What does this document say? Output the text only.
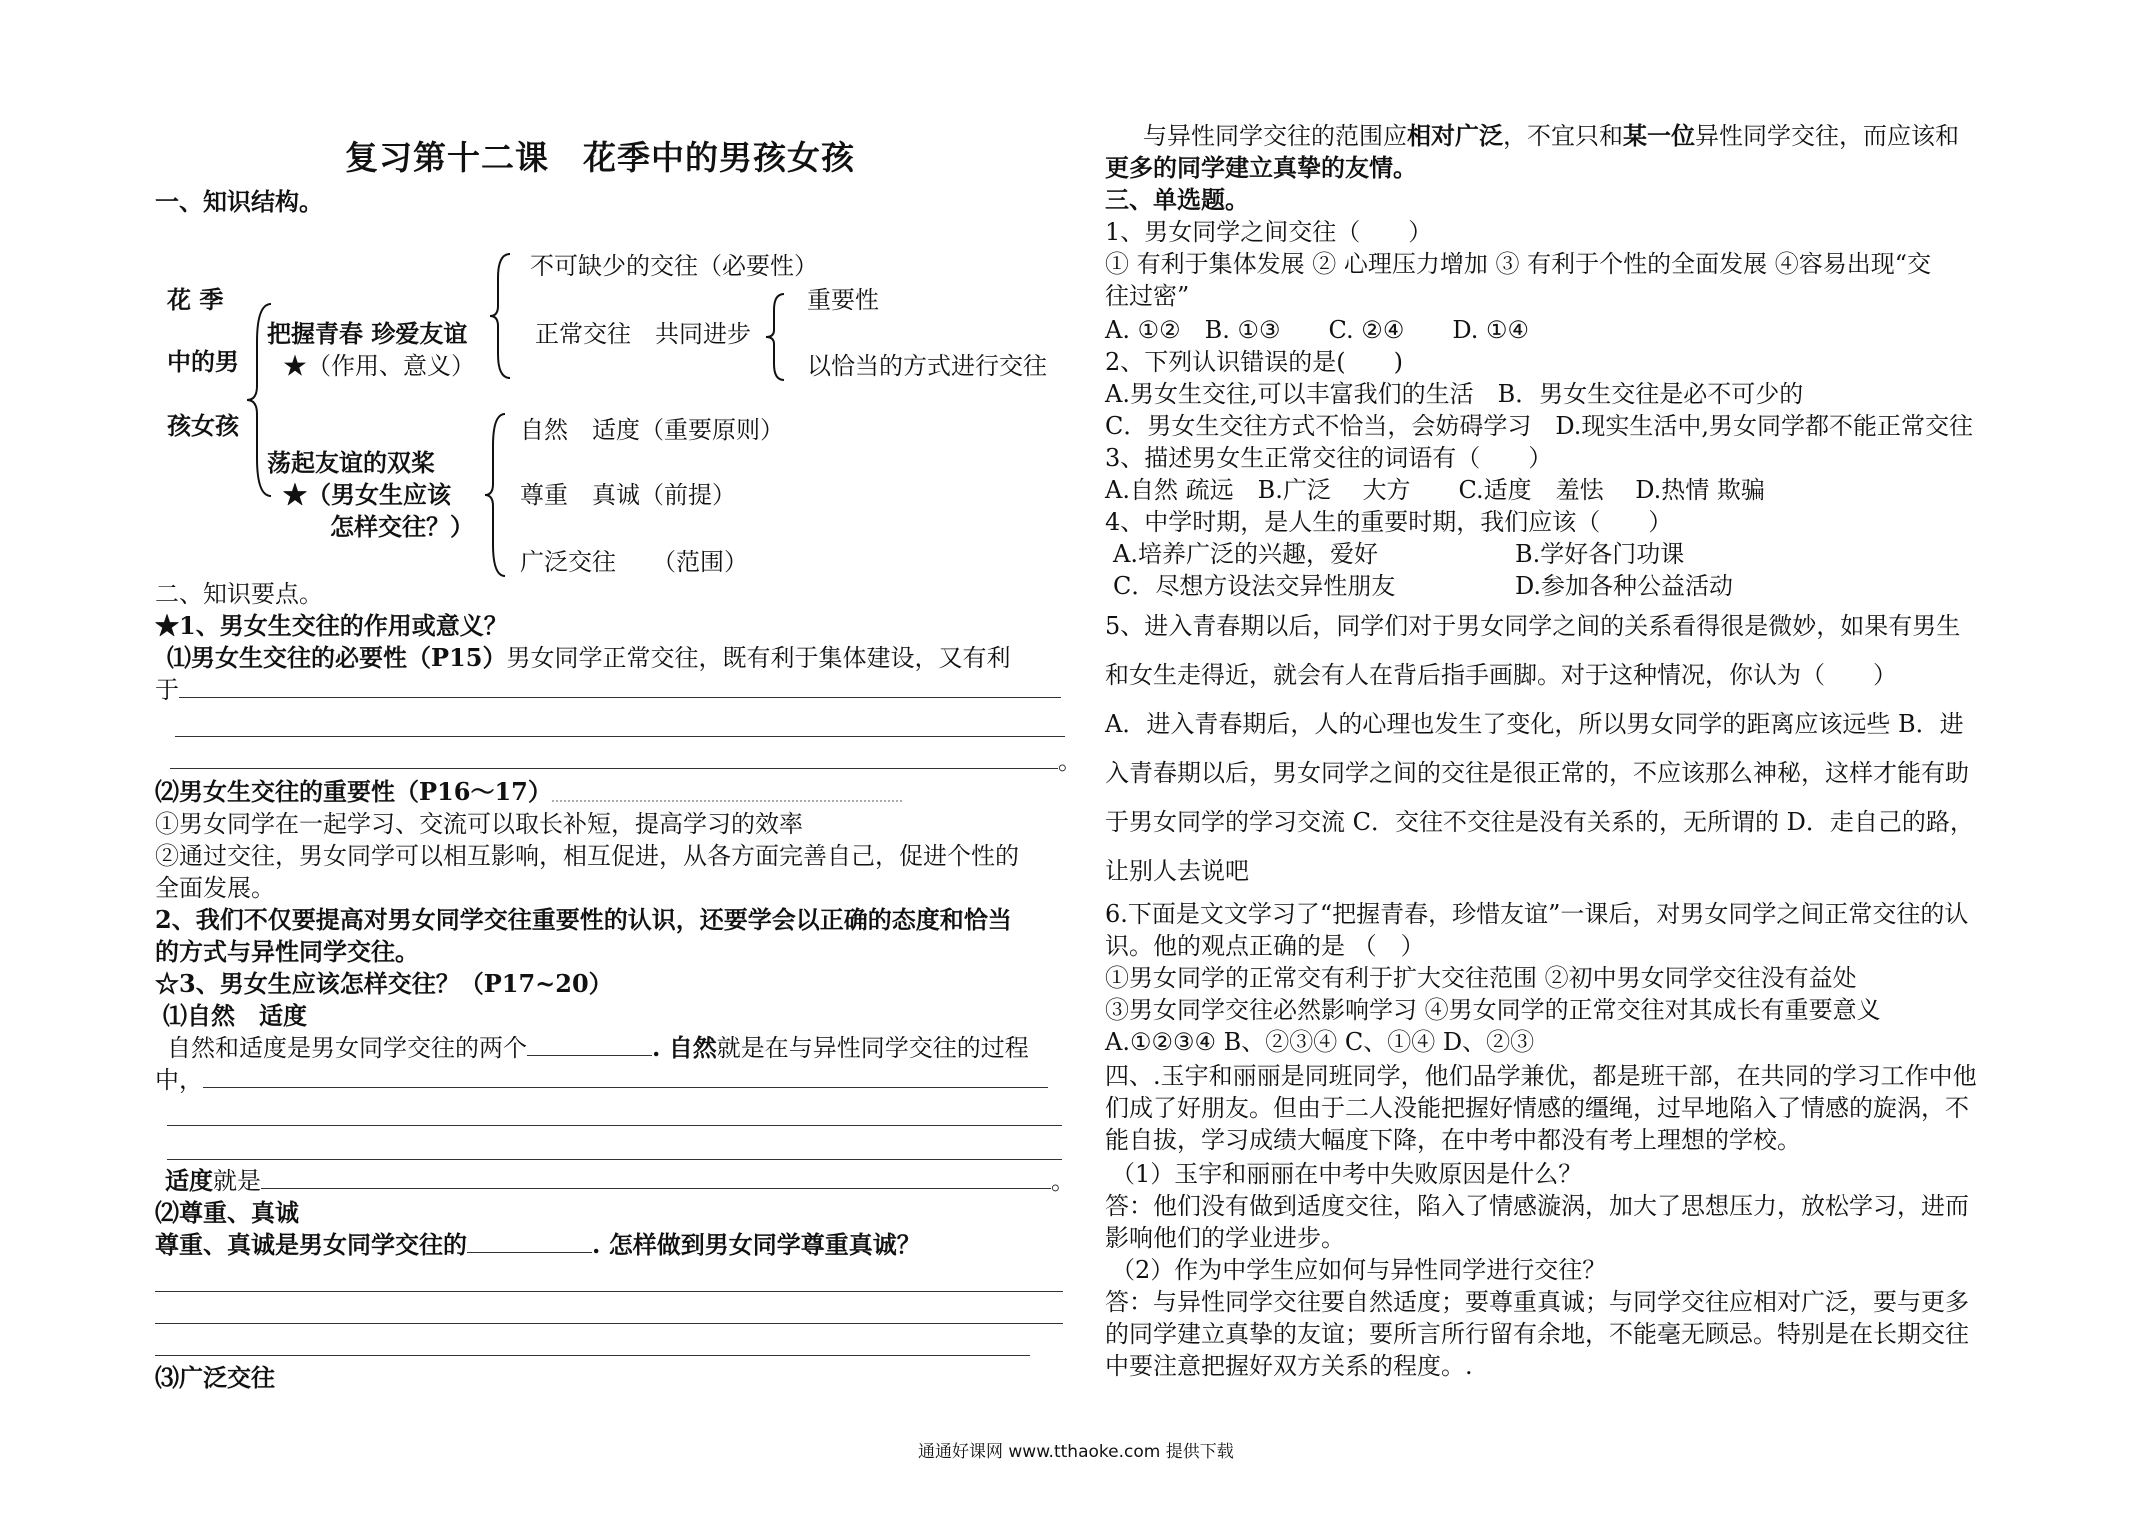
复习第十二课　花季中的男孩女孩
一、知识结构。
花 季
中的男
孩女孩
把握青春 珍爱友谊
★（作用、意义）
不可缺少的交往（必要性）
正常交往　共同进步
重要性
以恰当的方式进行交往
荡起友谊的双桨
★（男女生应该
怎样交往？）
自然　适度（重要原则）
尊重　真诚（前提）
广泛交往　　（范围）
二、知识要点。
★1、男女生交往的作用或意义？
⑴男女生交往的必要性（P15）男女同学正常交往，既有利于集体建设，又有利
于
。
⑵男女生交往的重要性（P16～17）
①男女同学在一起学习、交流可以取长补短，提高学习的效率
②通过交往，男女同学可以相互影响，相互促进，从各方面完善自己，促进个性的
全面发展。
2、我们不仅要提高对男女同学交往重要性的认识，还要学会以正确的态度和恰当
的方式与异性同学交往。
☆3、男女生应该怎样交往？（P17~20）
⑴自然　适度
自然和适度是男女同学交往的两个	. 自然就是在与异性同学交往的过程
中，
适度就是	。
⑵尊重、真诚
尊重、真诚是男女同学交往的	. 怎样做到男女同学尊重真诚？
⑶广泛交往
与异性同学交往的范围应相对广泛，不宜只和某一位异性同学交往，而应该和
更多的同学建立真挚的友情。
三、单选题。
1、男女同学之间交往（　　）
① 有利于集体发展 ② 心理压力增加 ③ 有利于个性的全面发展 ④容易出现“交
往过密”
A. ①②　B. ①③　　C. ②④　　D. ①④
2、下列认识错误的是(　　)
A.男女生交往,可以丰富我们的生活　B．男女生交往是必不可少的
C．男女生交往方式不恰当，会妨碍学习　D.现实生活中,男女同学都不能正常交往
3、描述男女生正常交往的词语有（　　）
A.自然 疏远　B.广泛　 大方　　C.适度　羞怯　 D.热情 欺骗
4、中学时期，是人生的重要时期，我们应该（　　）
A.培养广泛的兴趣，爱好	B.学好各门功课
C．尽想方设法交异性朋友	D.参加各种公益活动
5、进入青春期以后，同学们对于男女同学之间的关系看得很是微妙，如果有男生
和女生走得近，就会有人在背后指手画脚。对于这种情况，你认为（　　）
A．进入青春期后，人的心理也发生了变化，所以男女同学的距离应该远些 B．进
入青春期以后，男女同学之间的交往是很正常的，不应该那么神秘，这样才能有助
于男女同学的学习交流 C．交往不交往是没有关系的，无所谓的 D．走自己的路，
让别人去说吧
6.下面是文文学习了“把握青春，珍惜友谊”一课后，对男女同学之间正常交往的认
识。他的观点正确的是 （　）
①男女同学的正常交有利于扩大交往范围 ②初中男女同学交往没有益处
③男女同学交往必然影响学习 ④男女同学的正常交往对其成长有重要意义
A.①②③④ B、②③④ C、①④ D、②③
四、.玉宇和丽丽是同班同学，他们品学兼优，都是班干部，在共同的学习工作中他
们成了好朋友。但由于二人没能把握好情感的缰绳，过早地陷入了情感的旋涡，不
能自拔，学习成绩大幅度下降，在中考中都没有考上理想的学校。
（1）玉宇和丽丽在中考中失败原因是什么？
答：他们没有做到适度交往，陷入了情感漩涡，加大了思想压力，放松学习，进而
影响他们的学业进步。
（2）作为中学生应如何与异性同学进行交往？
答：与异性同学交往要自然适度；要尊重真诚；与同学交往应相对广泛，要与更多
的同学建立真挚的友谊；要所言所行留有余地，不能毫无顾忌。特别是在长期交往
中要注意把握好双方关系的程度。.
通通好课网 www.tthaoke.com 提供下载
